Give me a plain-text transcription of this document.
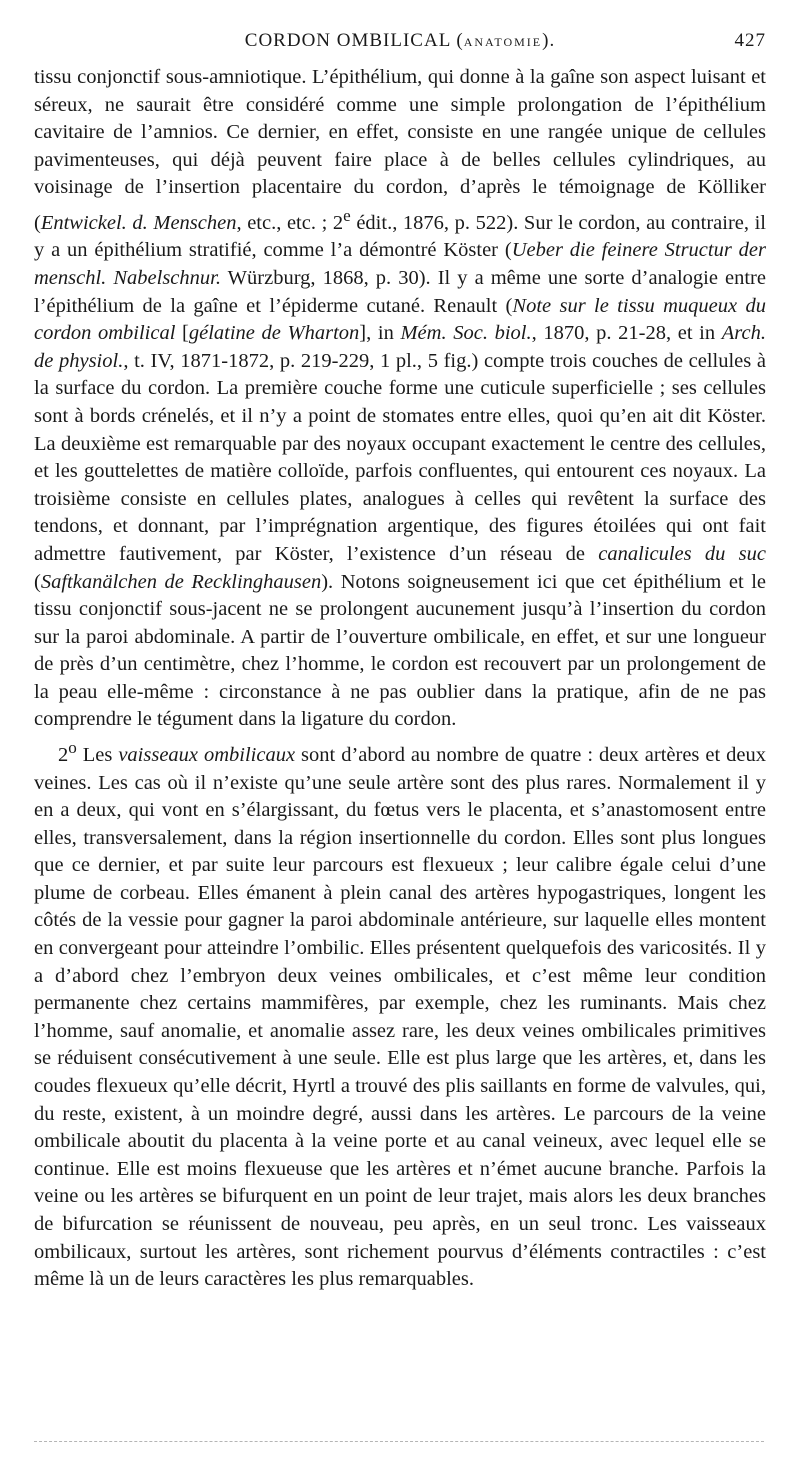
CORDON OMBILICAL (ANATOMIE).	427

tissu conjonctif sous-amniotique. L’épithélium, qui donne à la gaîne son aspect luisant et séreux, ne saurait être considéré comme une simple prolongation de l’épithélium cavitaire de l’amnios. Ce dernier, en effet, consiste en une rangée unique de cellules pavimenteuses, qui déjà peuvent faire place à de belles cellules cylindriques, au voisinage de l’insertion placentaire du cordon, d’après le témoignage de Kölliker (Entwickel. d. Menschen, etc., etc. ; 2e édit., 1876, p. 522). Sur le cordon, au contraire, il y a un épithélium stratifié, comme l’a démontré Köster (Ueber die feinere Structur der menschl. Nabelschnur. Würzburg, 1868, p. 30). Il y a même une sorte d’analogie entre l’épithélium de la gaîne et l’épiderme cutané. Renault (Note sur le tissu muqueux du cordon ombilical [gélatine de Wharton], in Mém. Soc. biol., 1870, p. 21-28, et in Arch. de physiol., t. IV, 1871-1872, p. 219-229, 1 pl., 5 fig.) compte trois couches de cellules à la surface du cordon. La première couche forme une cuticule superficielle ; ses cellules sont à bords crénelés, et il n’y a point de stomates entre elles, quoi qu’en ait dit Köster. La deuxième est remarquable par des noyaux occupant exactement le centre des cellules, et les gouttelettes de matière colloïde, parfois confluentes, qui entourent ces noyaux. La troisième consiste en cellules plates, analogues à celles qui revêtent la surface des tendons, et donnant, par l’imprégnation argentique, des figures étoilées qui ont fait admettre fautivement, par Köster, l’existence d’un réseau de canalicules du suc (Saftkanälchen de Recklinghausen). Notons soigneusement ici que cet épithélium et le tissu conjonctif sous-jacent ne se prolongent aucunement jusqu’à l’insertion du cordon sur la paroi abdominale. A partir de l’ouverture ombilicale, en effet, et sur une longueur de près d’un centimètre, chez l’homme, le cordon est recouvert par un prolongement de la peau elle-même : circonstance à ne pas oublier dans la pratique, afin de ne pas comprendre le tégument dans la ligature du cordon.

2$^o$ Les vaisseaux ombilicaux sont d’abord au nombre de quatre : deux artères et deux veines. Les cas où il n’existe qu’une seule artère sont des plus rares. Normalement il y en a deux, qui vont en s’élargissant, du fœtus vers le placenta, et s’anastomosent entre elles, transversalement, dans la région insertionnelle du cordon. Elles sont plus longues que ce dernier, et par suite leur parcours est flexueux ; leur calibre égale celui d’une plume de corbeau. Elles émanent à plein canal des artères hypogastriques, longent les côtés de la vessie pour gagner la paroi abdominale antérieure, sur laquelle elles montent en convergeant pour atteindre l’ombilic. Elles présentent quelquefois des varicosités. Il y a d’abord chez l’embryon deux veines ombilicales, et c’est même leur condition permanente chez certains mammifères, par exemple, chez les ruminants. Mais chez l’homme, sauf anomalie, et anomalie assez rare, les deux veines ombilicales primitives se réduisent consécutivement à une seule. Elle est plus large que les artères, et, dans les coudes flexueux qu’elle décrit, Hyrtl a trouvé des plis saillants en forme de valvules, qui, du reste, existent, à un moindre degré, aussi dans les artères. Le parcours de la veine ombilicale aboutit du placenta à la veine porte et au canal veineux, avec lequel elle se continue. Elle est moins flexueuse que les artères et n’émet aucune branche. Parfois la veine ou les artères se bifurquent en un point de leur trajet, mais alors les deux branches de bifurcation se réunissent de nouveau, peu après, en un seul tronc. Les vaisseaux ombilicaux, surtout les artères, sont richement pourvus d’éléments contractiles : c’est même là un de leurs caractères les plus remarquables.
